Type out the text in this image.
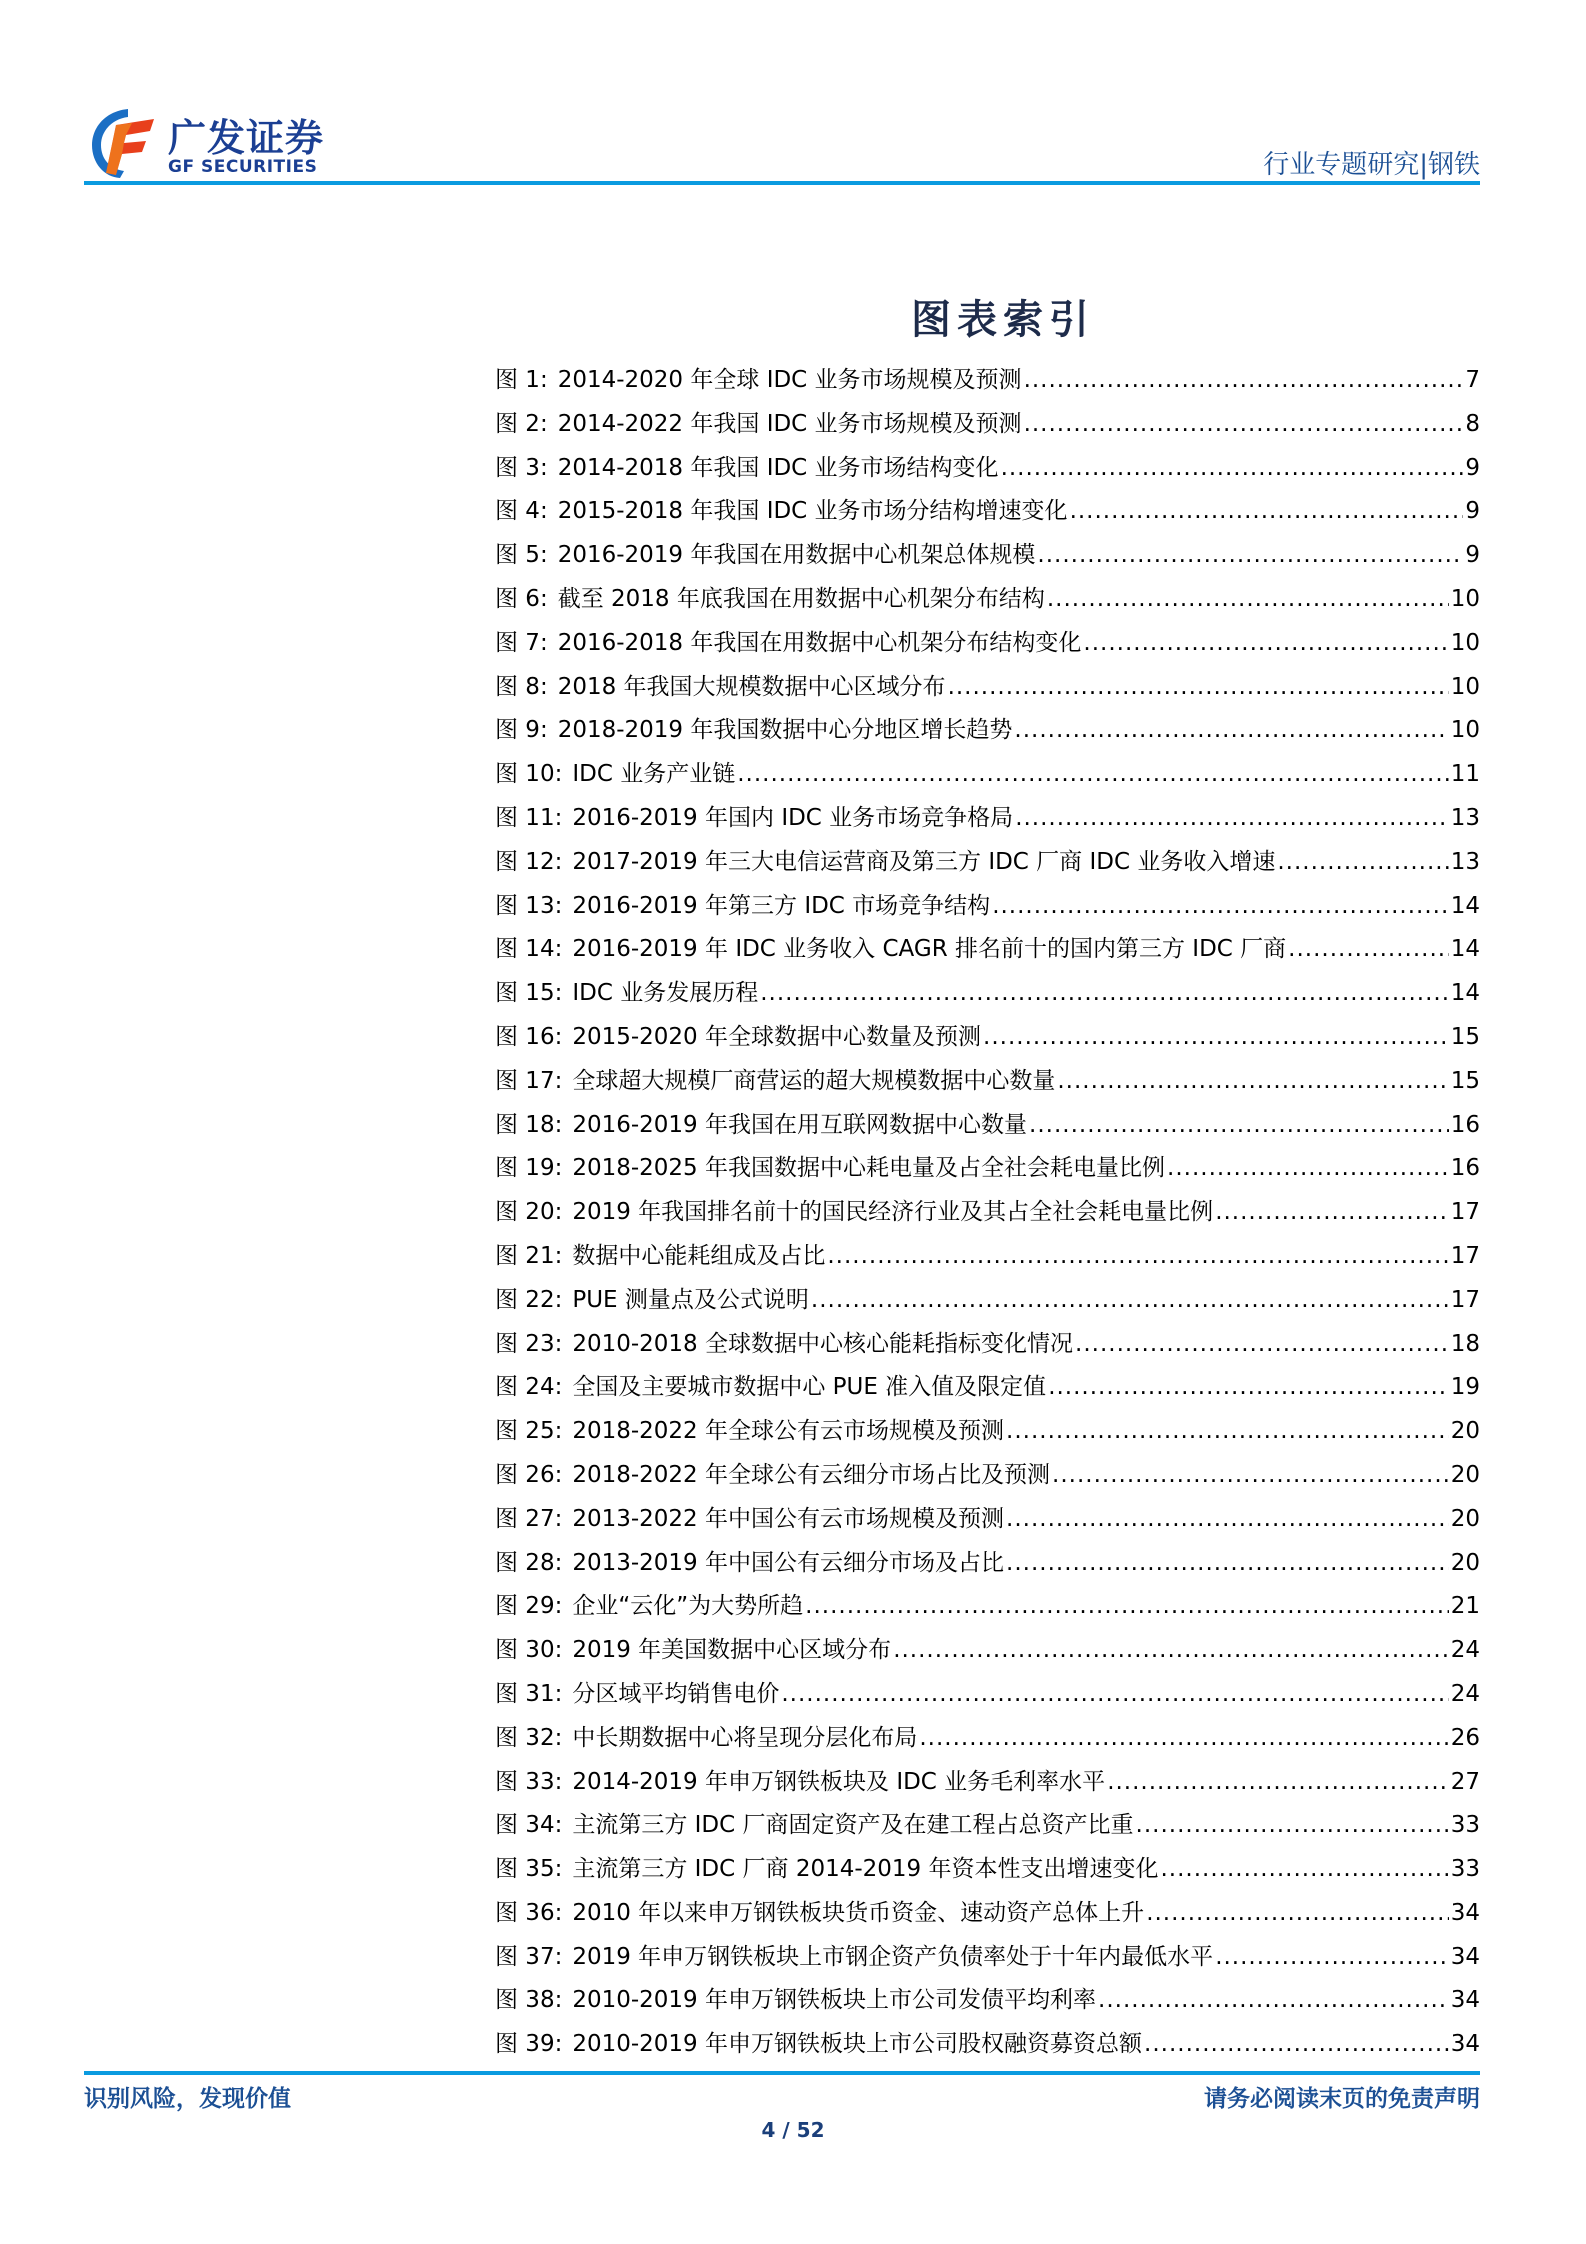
广发证券
GF SECURITIES	行业专题研究|钢铁
图表索引
图 1: 2014-2020 年全球 IDC 业务市场规模及预测 .....	7
图 2: 2014-2022 年我国 IDC 业务市场规模及预测 .....	8
图 3: 2014-2018 年我国 IDC 业务市场结构变化 .....	9
图 4: 2015-2018 年我国 IDC 业务市场分结构增速变化 .....	9
图 5: 2016-2019 年我国在用数据中心机架总体规模 .....	9
图 6: 截至 2018 年底我国在用数据中心机架分布结构 .....	10
图 7: 2016-2018 年我国在用数据中心机架分布结构变化 .....	10
图 8: 2018 年我国大规模数据中心区域分布 .....	10
图 9: 2018-2019 年我国数据中心分地区增长趋势 .....	10
图 10: IDC 业务产业链 .....	11
图 11: 2016-2019 年国内 IDC 业务市场竞争格局 .....	13
图 12: 2017-2019 年三大电信运营商及第三方 IDC 厂商 IDC 业务收入增速 .....	13
图 13: 2016-2019 年第三方 IDC 市场竞争结构 .....	14
图 14: 2016-2019 年 IDC 业务收入 CAGR 排名前十的国内第三方 IDC 厂商 .....	14
图 15: IDC 业务发展历程 .....	14
图 16: 2015-2020 年全球数据中心数量及预测 .....	15
图 17: 全球超大规模厂商营运的超大规模数据中心数量 .....	15
图 18: 2016-2019 年我国在用互联网数据中心数量 .....	16
图 19: 2018-2025 年我国数据中心耗电量及占全社会耗电量比例 .....	16
图 20: 2019 年我国排名前十的国民经济行业及其占全社会耗电量比例 .....	17
图 21: 数据中心能耗组成及占比 .....	17
图 22: PUE 测量点及公式说明 .....	17
图 23: 2010-2018 全球数据中心核心能耗指标变化情况 .....	18
图 24: 全国及主要城市数据中心 PUE 准入值及限定值 .....	19
图 25: 2018-2022 年全球公有云市场规模及预测 .....	20
图 26: 2018-2022 年全球公有云细分市场占比及预测 .....	20
图 27: 2013-2022 年中国公有云市场规模及预测 .....	20
图 28: 2013-2019 年中国公有云细分市场及占比 .....	20
图 29: 企业“云化”为大势所趋 .....	21
图 30: 2019 年美国数据中心区域分布 .....	24
图 31: 分区域平均销售电价 .....	24
图 32: 中长期数据中心将呈现分层化布局 .....	26
图 33: 2014-2019 年申万钢铁板块及 IDC 业务毛利率水平 .....	27
图 34: 主流第三方 IDC 厂商固定资产及在建工程占总资产比重 .....	33
图 35: 主流第三方 IDC 厂商 2014-2019 年资本性支出增速变化 .....	33
图 36: 2010 年以来申万钢铁板块货币资金、速动资产总体上升 .....	34
图 37: 2019 年申万钢铁板块上市钢企资产负债率处于十年内最低水平 .....	34
图 38: 2010-2019 年申万钢铁板块上市公司发债平均利率 .....	34
图 39: 2010-2019 年申万钢铁板块上市公司股权融资募资总额 .....	34
识别风险，发现价值	请务必阅读末页的免责声明
4 / 52
